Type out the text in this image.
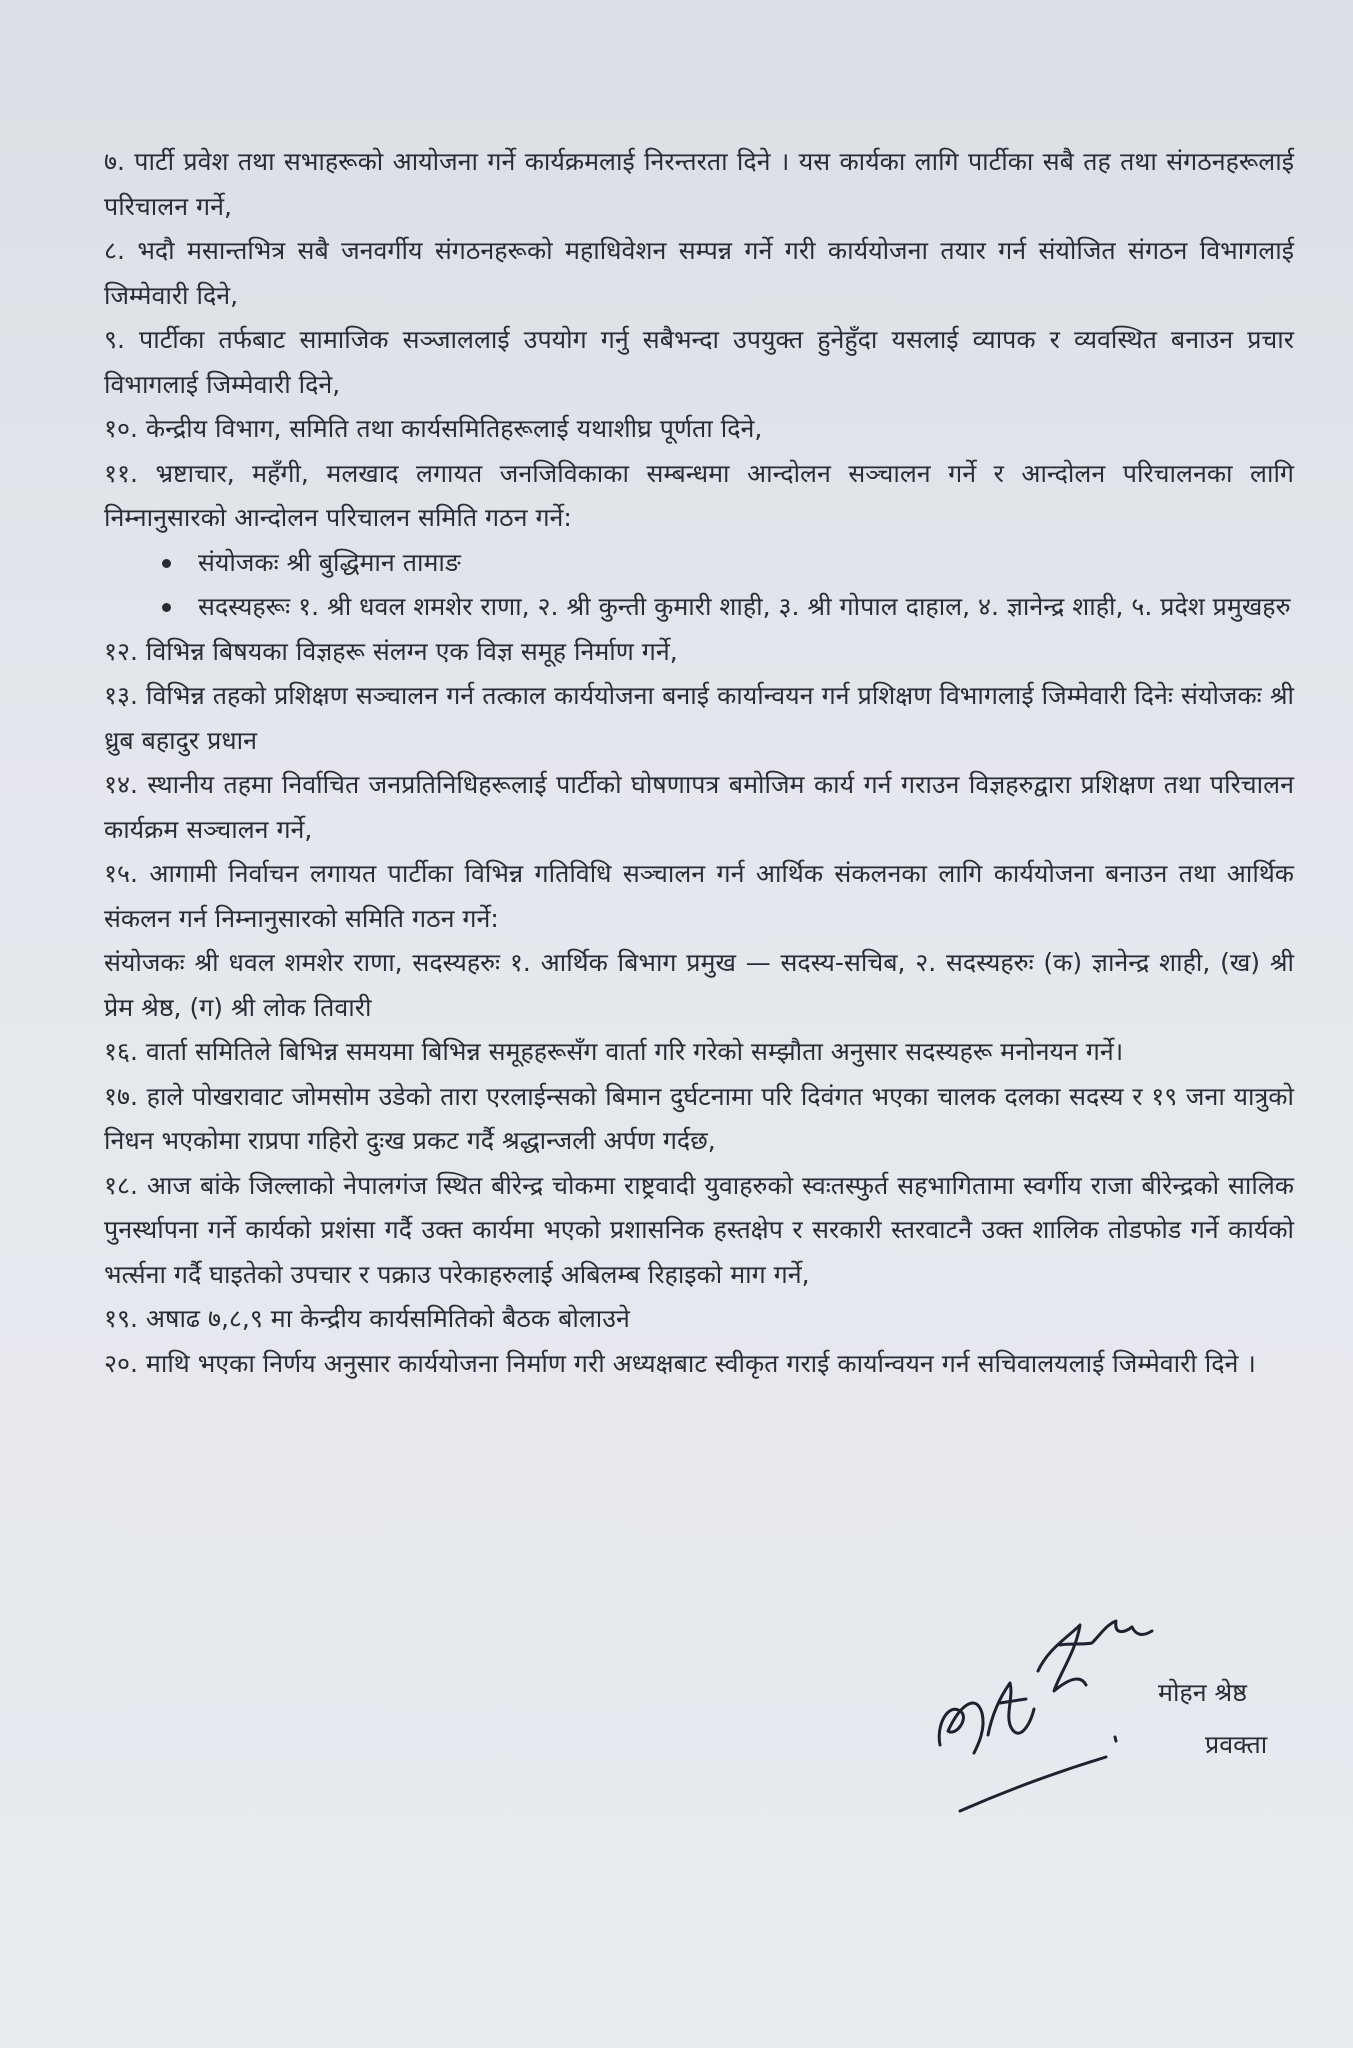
७. पार्टी प्रवेश तथा सभाहरूको आयोजना गर्ने कार्यक्रमलाई निरन्तरता दिने । यस कार्यका लागि पार्टीका सबै तह तथा संगठनहरूलाई परिचालन गर्ने,

८. भदौ मसान्तभित्र सबै जनवर्गीय संगठनहरूको महाधिवेशन सम्पन्न गर्ने गरी कार्ययोजना तयार गर्न संयोजित संगठन विभागलाई जिम्मेवारी दिने,

९. पार्टीका तर्फबाट सामाजिक सञ्जाललाई उपयोग गर्नु सबैभन्दा उपयुक्त हुनेहुँदा यसलाई व्यापक र व्यवस्थित बनाउन प्रचार विभागलाई जिम्मेवारी दिने,

१०. केन्द्रीय विभाग, समिति तथा कार्यसमितिहरूलाई यथाशीघ्र पूर्णता दिने,

११. भ्रष्टाचार, महँगी, मलखाद लगायत जनजिविकाका सम्बन्धमा आन्दोलन सञ्चालन गर्ने र आन्दोलन परिचालनका लागि निम्नानुसारको आन्दोलन परिचालन समिति गठन गर्ने:

संयोजकः श्री बुद्धिमान तामाङ
सदस्यहरूः १. श्री धवल शमशेर राणा, २. श्री कुन्ती कुमारी शाही, ३. श्री गोपाल दाहाल, ४. ज्ञानेन्द्र शाही, ५. प्रदेश प्रमुखहरु

१२. विभिन्न बिषयका विज्ञहरू संलग्न एक विज्ञ समूह निर्माण गर्ने,

१३. विभिन्न तहको प्रशिक्षण सञ्चालन गर्न तत्काल कार्ययोजना बनाई कार्यान्वयन गर्न प्रशिक्षण विभागलाई जिम्मेवारी दिनेः संयोजकः श्री ध्रुब बहादुर प्रधान

१४. स्थानीय तहमा निर्वाचित जनप्रतिनिधिहरूलाई पार्टीको घोषणापत्र बमोजिम कार्य गर्न गराउन विज्ञहरुद्वारा प्रशिक्षण तथा परिचालन कार्यक्रम सञ्चालन गर्ने,

१५. आगामी निर्वाचन लगायत पार्टीका विभिन्न गतिविधि सञ्चालन गर्न आर्थिक संकलनका लागि कार्ययोजना बनाउन तथा आर्थिक संकलन गर्न निम्नानुसारको समिति गठन गर्ने:

संयोजकः श्री धवल शमशेर राणा, सदस्यहरुः १. आर्थिक बिभाग प्रमुख — सदस्य-सचिब, २. सदस्यहरुः (क) ज्ञानेन्द्र शाही, (ख) श्री प्रेम श्रेष्ठ, (ग) श्री लोक तिवारी

१६. वार्ता समितिले बिभिन्न समयमा बिभिन्न समूहहरूसँग वार्ता गरि गरेको सम्झौता अनुसार सदस्यहरू मनोनयन गर्ने।

१७. हाले पोखरावाट जोमसोम उडेको तारा एरलाईन्सको बिमान दुर्घटनामा परि दिवंगत भएका चालक दलका सदस्य र १९ जना यात्रुको निधन भएकोमा राप्रपा गहिरो दुःख प्रकट गर्दै श्रद्धान्जली अर्पण गर्दछ,

१८. आज बांके जिल्लाको नेपालगंज स्थित बीरेन्द्र चोकमा राष्ट्रवादी युवाहरुको स्वःतस्फुर्त सहभागितामा स्वर्गीय राजा बीरेन्द्रको सालिक पुनर्स्थापना गर्ने कार्यको प्रशंसा गर्दै उक्त कार्यमा भएको प्रशासनिक हस्तक्षेप र सरकारी स्तरवाटनै उक्त शालिक तोडफोड गर्ने कार्यको भर्त्सना गर्दै घाइतेको उपचार र पक्राउ परेकाहरुलाई अबिलम्ब रिहाइको माग गर्ने,

१९. अषाढ ७,८,९ मा केन्द्रीय कार्यसमितिको बैठक बोलाउने

२०. माथि भएका निर्णय अनुसार कार्ययोजना निर्माण गरी अध्यक्षबाट स्वीकृत गराई कार्यान्वयन गर्न सचिवालयलाई जिम्मेवारी दिने ।

मोहन श्रेष्ठ
प्रवक्ता
